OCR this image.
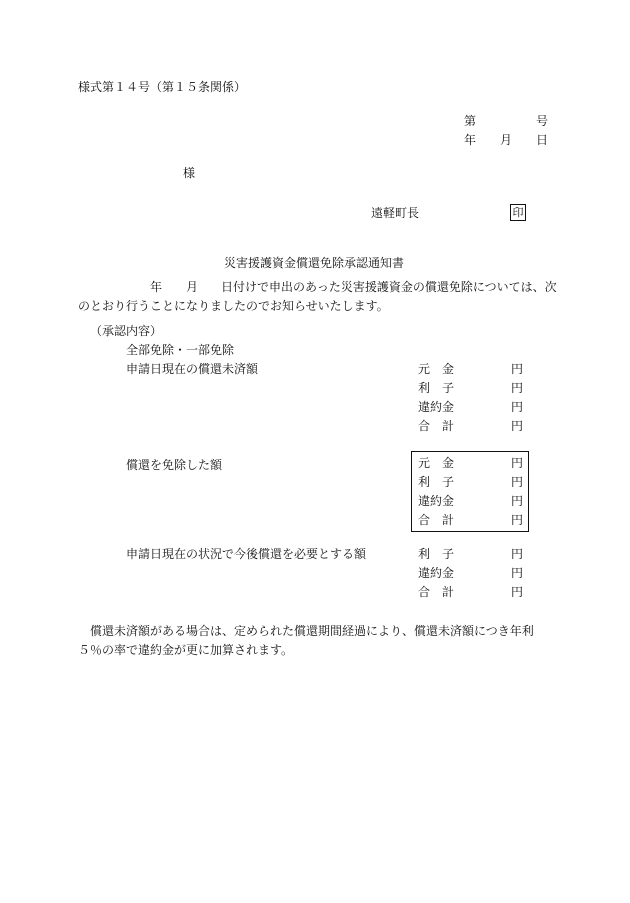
様式第１４号（第１５条関係）
第	号
年 月 日
様
遠軽町長	印
災害援護資金償還免除承認通知書
年 月 日付けで申出のあった災害援護資金の償還免除については、次
のとおり行うことになりましたのでお知らせいたします。
（承認内容）
全部免除・一部免除
申請日現在の償還未済額	元　金	円
利　子	円
違約金	円
合　計	円
償還を免除した額	元　金	円
利　子	円
違約金	円
合　計	円
申請日現在の状況で今後償還を必要とする額	利　子	円
違約金	円
合　計	円
償還未済額がある場合は、定められた償還期間経過により、償還未済額につき年利
５％の率で違約金が更に加算されます。
